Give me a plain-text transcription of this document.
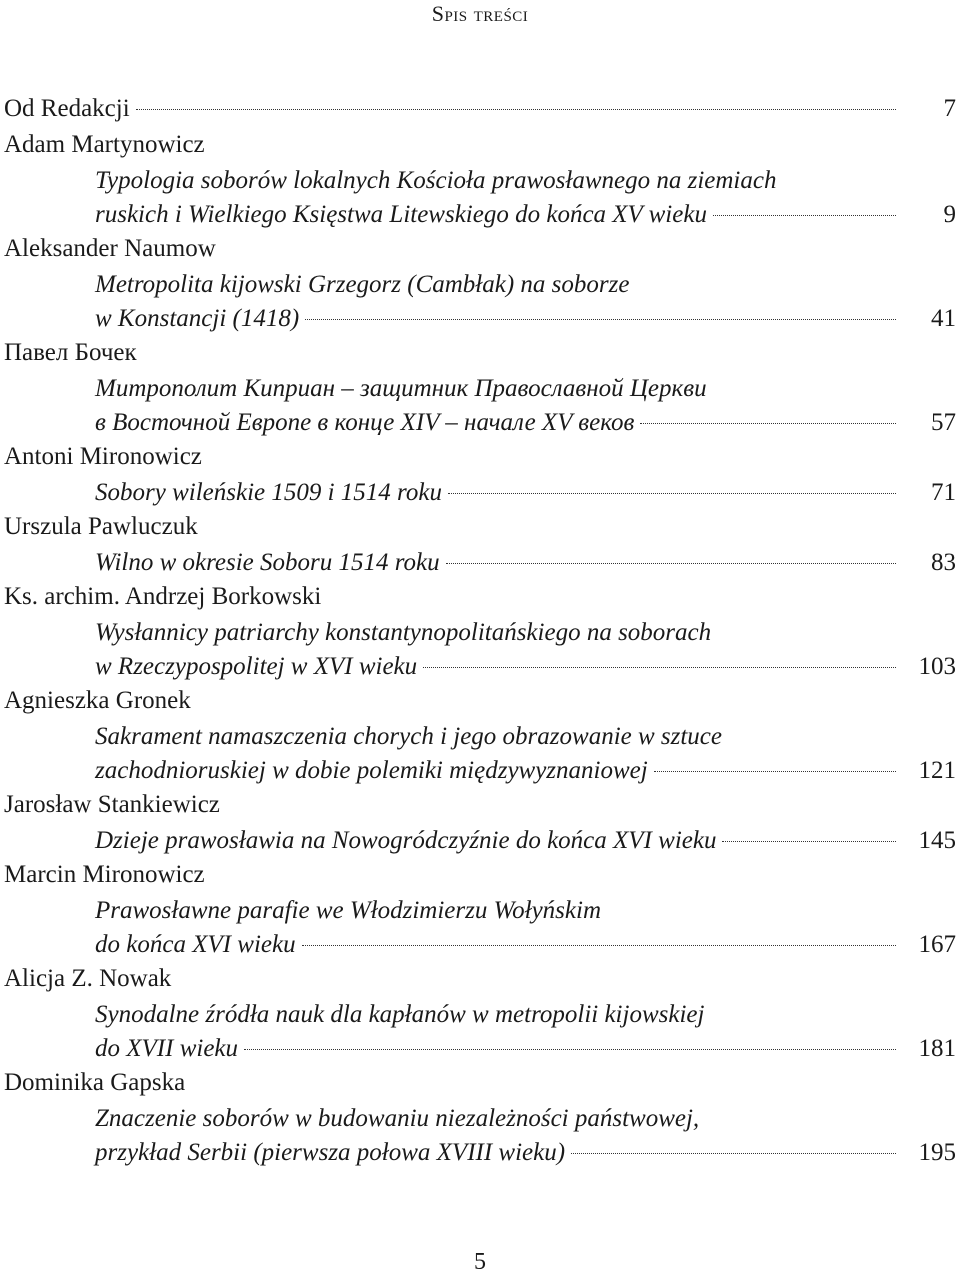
Spis treści
Od Redakcji	7
Adam Martynowicz
Typologia soborów lokalnych Kościoła prawosławnego na ziemiach
ruskich i Wielkiego Księstwa Litewskiego do końca XV wieku	9
Aleksander Naumow
Metropolita kijowski Grzegorz (Cambłak) na soborze
w Konstancji (1418)	41
Павел Бочек
Митрополит Киприан – защитник Православной Церкви
в Восточной Европе в конце XIV – начале XV веков	57
Antoni Mironowicz
Sobory wileńskie 1509 i 1514 roku	71
Urszula Pawluczuk
Wilno w okresie Soboru 1514 roku	83
Ks. archim. Andrzej Borkowski
Wysłannicy patriarchy konstantynopolitańskiego na soborach
w Rzeczypospolitej w XVI wieku	103
Agnieszka Gronek
Sakrament namaszczenia chorych i jego obrazowanie w sztuce
zachodnioruskiej w dobie polemiki międzywyznaniowej	121
Jarosław Stankiewicz
Dzieje prawosławia na Nowogródczyźnie do końca XVI wieku	145
Marcin Mironowicz
Prawosławne parafie we Włodzimierzu Wołyńskim
do końca XVI wieku	167
Alicja Z. Nowak
Synodalne źródła nauk dla kapłanów w metropolii kijowskiej
do XVII wieku	181
Dominika Gapska
Znaczenie soborów w budowaniu niezależności państwowej,
przykład Serbii (pierwsza połowa XVIII wieku)	195
5
